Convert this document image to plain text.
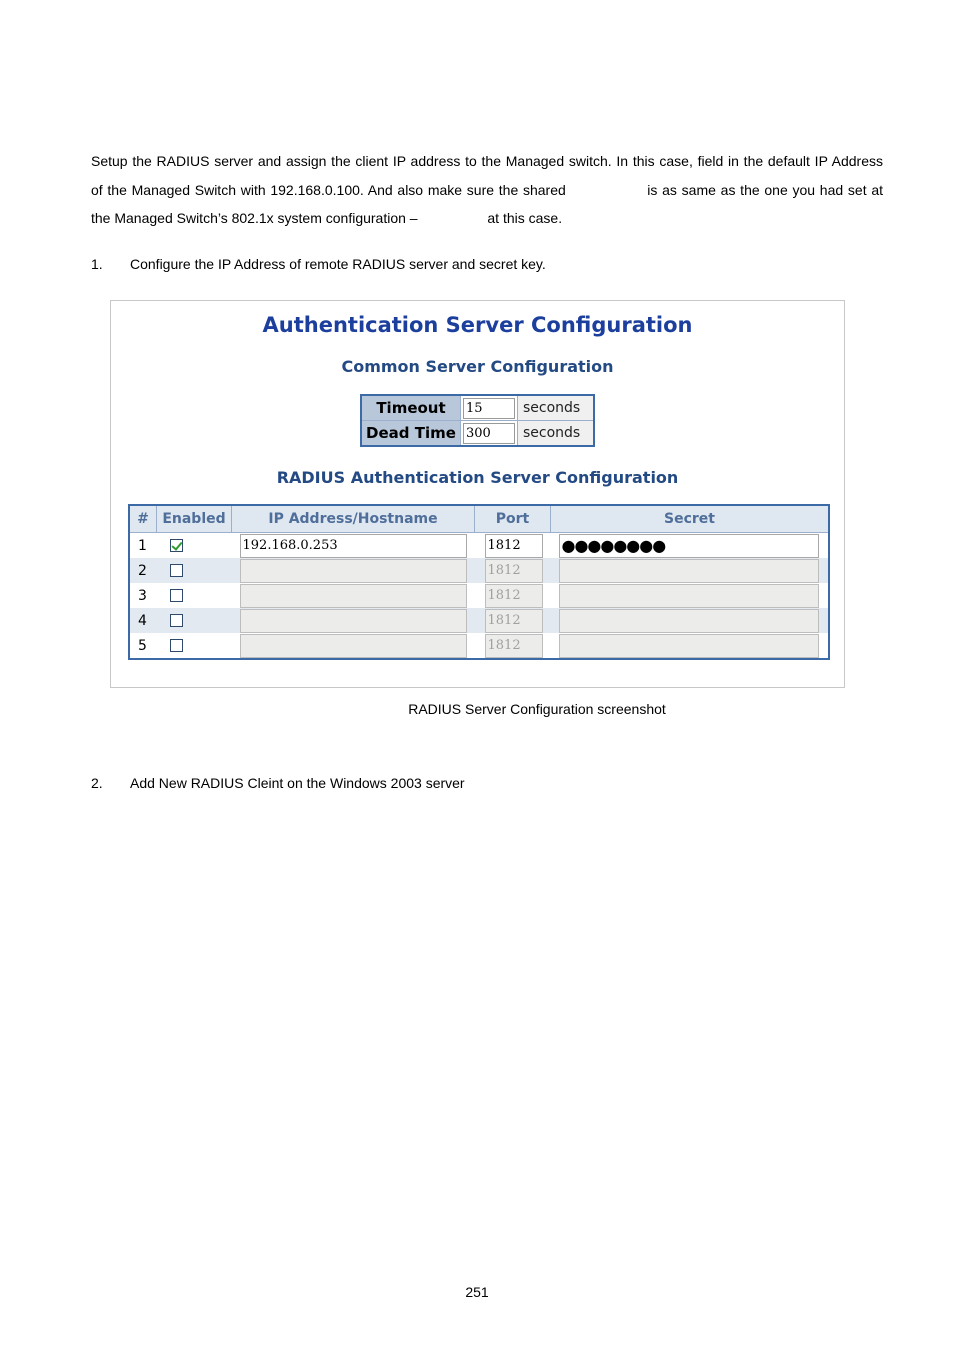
Setup the RADIUS server and assign the client IP address to the Managed switch. In this case, field in the default IP Address
of the Managed Switch with 192.168.0.100. And also make sure the shared	is as same as the one you had set at
the Managed Switch’s 802.1x system configuration –	at this case.
1.	Configure the IP Address of remote RADIUS server and secret key.
Authentication Server Configuration
Common Server Configuration
Timeout	15	seconds
Dead Time	300	seconds
RADIUS Authentication Server Configuration
#	Enabled	IP Address/Hostname	Port	Secret
1		192.168.0.253	1812	●●●●●●●●

2			1812	

3			1812	

4			1812	

5			1812	

RADIUS Server Configuration screenshot
2.	Add New RADIUS Cleint on the Windows 2003 server
251
